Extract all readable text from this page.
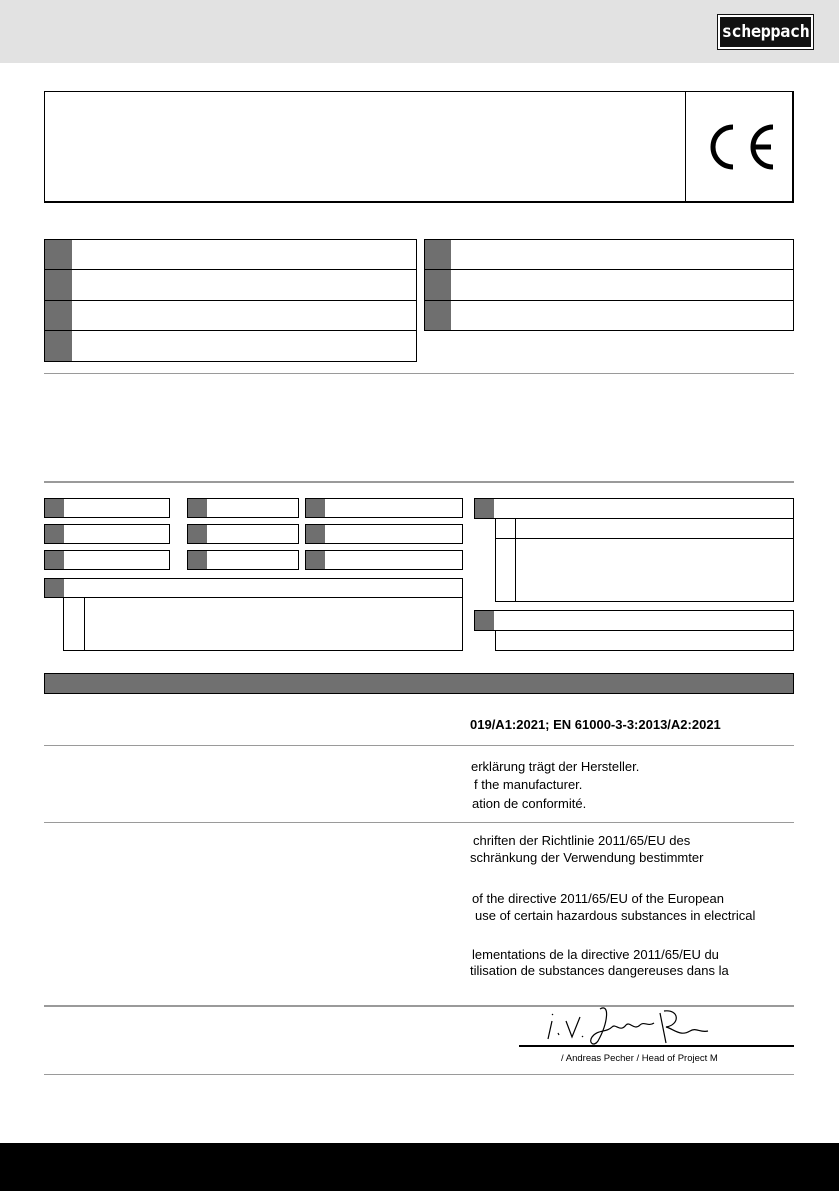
scheppach
019/A1:2021; EN 61000-3-3:2013/A2:2021
erklärung trägt der Hersteller.
f the manufacturer.
ation de conformité.
chriften der Richtlinie 2011/65/EU des
schränkung der Verwendung bestimmter
of the directive 2011/65/EU of the European
use of certain hazardous substances in electrical
lementations de la directive 2011/65/EU du
tilisation de substances dangereuses dans la
/ Andreas Pecher / Head of Project M
